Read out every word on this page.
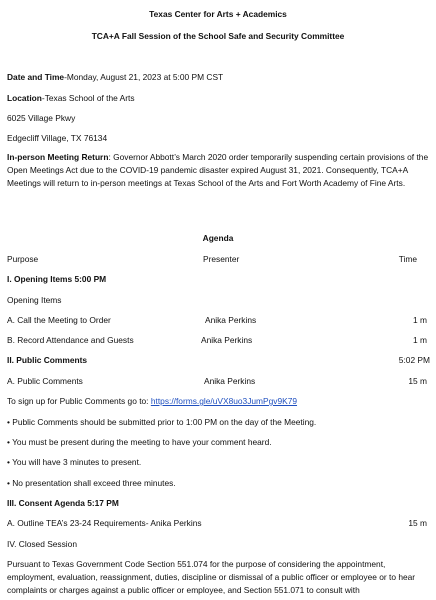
Texas Center for Arts + Academics
TCA+A Fall Session of the School Safe and Security Committee
Date and Time-Monday, August 21, 2023 at 5:00 PM CST
Location-Texas School of the Arts
6025 Village Pkwy
Edgecliff Village, TX 76134
In-person Meeting Return: Governor Abbott’s March 2020 order temporarily suspending certain provisions of the Open Meetings Act due to the COVID-19 pandemic disaster expired August 31, 2021. Consequently, TCA+A Meetings will return to in-person meetings at Texas School of the Arts and Fort Worth Academy of Fine Arts.
Agenda
Purpose	Presenter	Time
I. Opening Items 5:00 PM
Opening Items
A. Call the Meeting to Order	Anika Perkins	1 m
B. Record Attendance and Guests	Anika Perkins	1 m
II. Public Comments	5:02 PM
A. Public Comments	Anika Perkins	15 m
To sign up for Public Comments go to: https://forms.gle/uVX8uo3JumPgv9K79
• Public Comments should be submitted prior to 1:00 PM on the day of the Meeting.
• You must be present during the meeting to have your comment heard.
• You will have 3 minutes to present.
• No presentation shall exceed three minutes.
III. Consent Agenda 5:17 PM
A. Outline TEA’s 23-24 Requirements- Anika Perkins	15 m
IV. Closed Session
Pursuant to Texas Government Code Section 551.074 for the purpose of considering the appointment, employment, evaluation, reassignment, duties, discipline or dismissal of a public officer or employee or to hear complaints or charges against a public officer or employee, and Section 551.071 to consult with
